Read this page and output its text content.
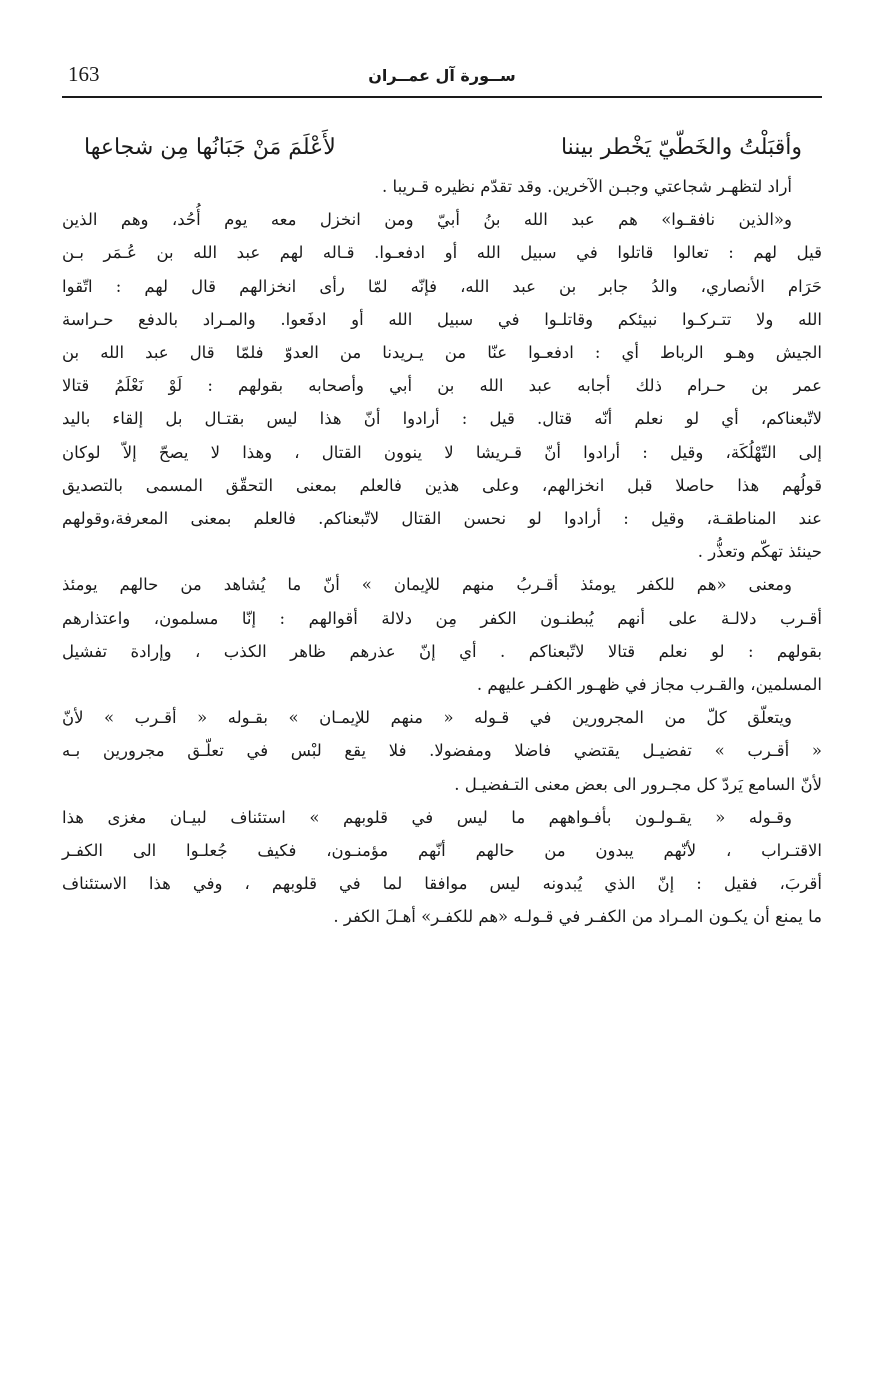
163	ســورة آل عمــران
وأقبَلْتُ والخَطّيّ يَخْطر بيننا
لأَعْلَمَ مَنْ جَبَانُها مِن شجاعها

أراد لتظهـر شجاعتي وجبـن الآخرين. وقد تقدّم نظيره قـريبا .

و«الذين نافقـوا» هم عبد الله بنُ أبيّ ومن انخزل معه يوم أُحُد، وهم الذين
قيل لهم : تعالوا قاتلوا في سبيل الله أو ادفعـوا. قـاله لهم عبد الله بن عُـمَر بـن
حَرَام الأنصاري، والدُ جابر بن عبد الله، فإنّه لمّا رأى انخزالهم قال لهم : اتّقوا
الله ولا تتـركـوا نبيئكم وقاتلـوا في سبيل الله أو ادفَعوا. والمـراد بالدفع حـراسة
الجيش وهـو الرباط أي : ادفعـوا عنّا من يـريدنا من العدوّ فلمّا قال عبد الله بن
عمر بن حـرام ذلك أجابه عبد الله بن أبي وأصحابه بقولهم : لَوْ نَعْلَمُ قتالا
لاتّبعناكم، أي لو نعلم أنّه قتال. قيل : أرادوا أنّ هذا ليس بقتـال بل إلقاء باليد
إلى التّهْلُكَة، وقيل : أرادوا أنّ قـريشا لا ينوون القتال ، وهذا لا يصحّ إلاّ لوكان
قولُهم هذا حاصلا قبل انخزالهم، وعلى هذين فالعلم بمعنى التحقّق المسمى بالتصديق
عند المناطقـة، وقيل : أرادوا لو نحسن القتال لاتّبعناكم. فالعلم بمعنى المعرفة،وقولهم
حينئذ تهكّم وتعذُّر .

ومعنى «هم للكفر يومئذ أقـربُ منهم للإيمان » أنّ ما يُشاهد من حالهم يومئذ
أقـرب دلالـة على أنهم يُبطنـون الكفر مِن دلالة أقوالهم : إنّا مسلمون، واعتذارهم
بقولهم : لو نعلم قتالا لاتّبعناكم . أي إنّ عذرهم ظاهر الكذب ، وإرادة تفشيل
المسلمين، والقـرب مجاز في ظهـور الكفـر عليهم .

ويتعلّق كلّ من المجرورين في قـوله « منهم للإيمـان » بقـوله « أقـرب » لأنّ
« أقـرب » تفضيـل يقتضي فاضلا ومفضولا. فلا يقع لبْس في تعلّـق مجرورين بـه
لأنّ السامع يَردّ كل مجـرور الى بعض معنى التـفضيـل .

وقـوله « يقـولـون بأفـواههم ما ليس في قلوبهم » استئناف لبيـان مغزى هذا
الاقتـراب ، لأنّهم يبدون من حالهم أنّهم مؤمنـون، فكيف جُعلـوا الى الكفـر
أقربَ، فقيل : إنّ الذي يُبدونه ليس موافقا لما في قلوبهم ، وفي هذا الاستئناف
ما يمنع أن يكـون المـراد من الكفـر في قـولـه «هم للكفـر» أهـلَ الكفر .
